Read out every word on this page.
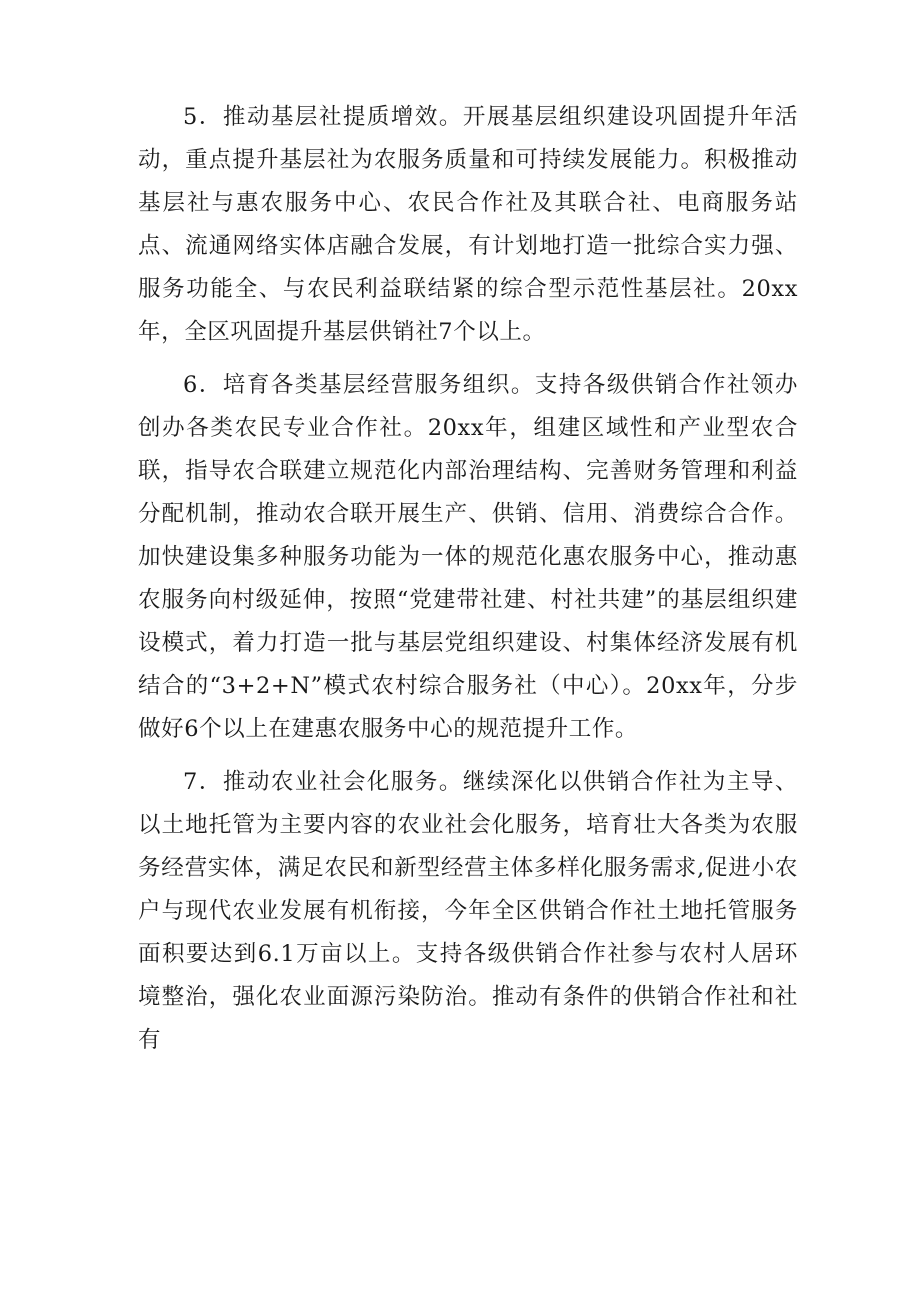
5．推动基层社提质增效。开展基层组织建设巩固提升年活动，重点提升基层社为农服务质量和可持续发展能力。积极推动基层社与惠农服务中心、农民合作社及其联合社、电商服务站点、流通网络实体店融合发展，有计划地打造一批综合实力强、服务功能全、与农民利益联结紧的综合型示范性基层社。20xx年，全区巩固提升基层供销社7个以上。

6．培育各类基层经营服务组织。支持各级供销合作社领办创办各类农民专业合作社。20xx年，组建区域性和产业型农合联，指导农合联建立规范化内部治理结构、完善财务管理和利益分配机制，推动农合联开展生产、供销、信用、消费综合合作。加快建设集多种服务功能为一体的规范化惠农服务中心，推动惠农服务向村级延伸，按照“党建带社建、村社共建”的基层组织建设模式，着力打造一批与基层党组织建设、村集体经济发展有机结合的“3+2+N”模式农村综合服务社（中心）。20xx年，分步做好6个以上在建惠农服务中心的规范提升工作。

7．推动农业社会化服务。继续深化以供销合作社为主导、以土地托管为主要内容的农业社会化服务，培育壮大各类为农服务经营实体，满足农民和新型经营主体多样化服务需求,促进小农户与现代农业发展有机衔接，今年全区供销合作社土地托管服务面积要达到6.1万亩以上。支持各级供销合作社参与农村人居环境整治，强化农业面源污染防治。推动有条件的供销合作社和社有
